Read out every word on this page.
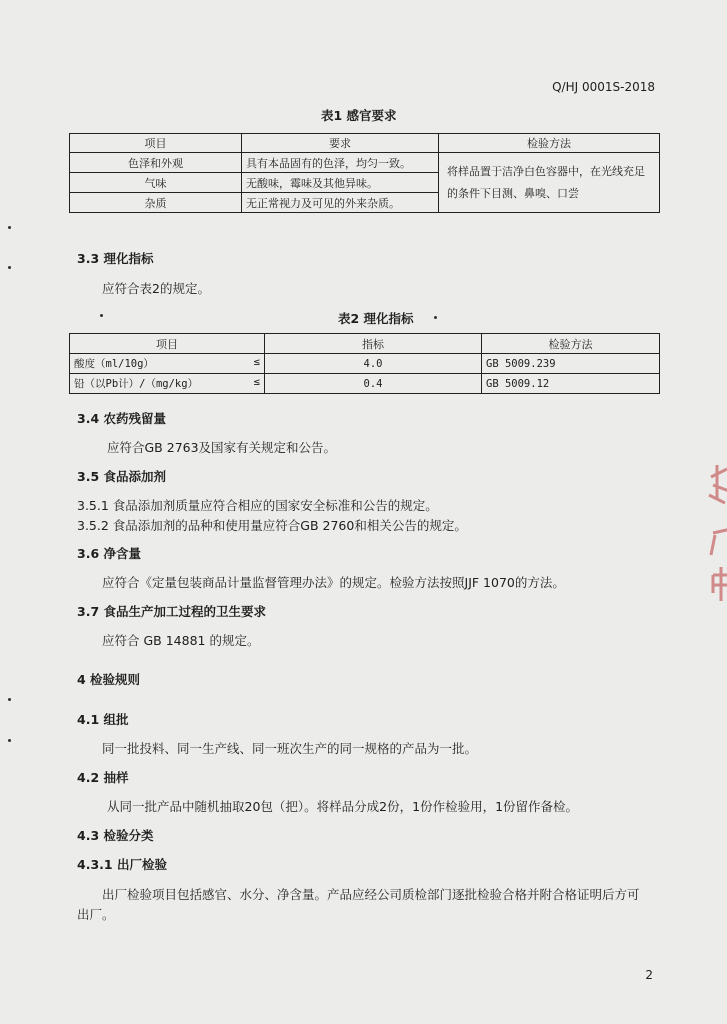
Q/HJ 0001S-2018
表1 感官要求
项目	要求	检验方法
色泽和外观	具有本品固有的色泽，均匀一致。	将样品置于洁净白色容器中，在光线充足的条件下目测、鼻嗅、口尝
气味	无酸味，霉味及其他异味。	
杂质	无正常视力及可见的外来杂质。	
3.3 理化指标
应符合表2的规定。
表2 理化指标
项目	指标	检验方法
酸度（ml/10g） ≤	4.0	GB 5009.239
铅（以Pb计）/（mg/kg） ≤	0.4	GB 5009.12
3.4 农药残留量
应符合GB 2763及国家有关规定和公告。
3.5 食品添加剂
3.5.1 食品添加剂质量应符合相应的国家安全标准和公告的规定。
3.5.2 食品添加剂的品种和使用量应符合GB 2760和相关公告的规定。
3.6 净含量
应符合《定量包装商品计量监督管理办法》的规定。检验方法按照JJF 1070的方法。
3.7 食品生产加工过程的卫生要求
应符合 GB 14881 的规定。
4 检验规则
4.1 组批
同一批投料、同一生产线、同一班次生产的同一规格的产品为一批。
4.2 抽样
从同一批产品中随机抽取20包（把）。将样品分成2份，1份作检验用，1份留作备检。
4.3 检验分类
4.3.1 出厂检验
出厂检验项目包括感官、水分、净含量。产品应经公司质检部门逐批检验合格并附合格证明后方可
出厂。
2
